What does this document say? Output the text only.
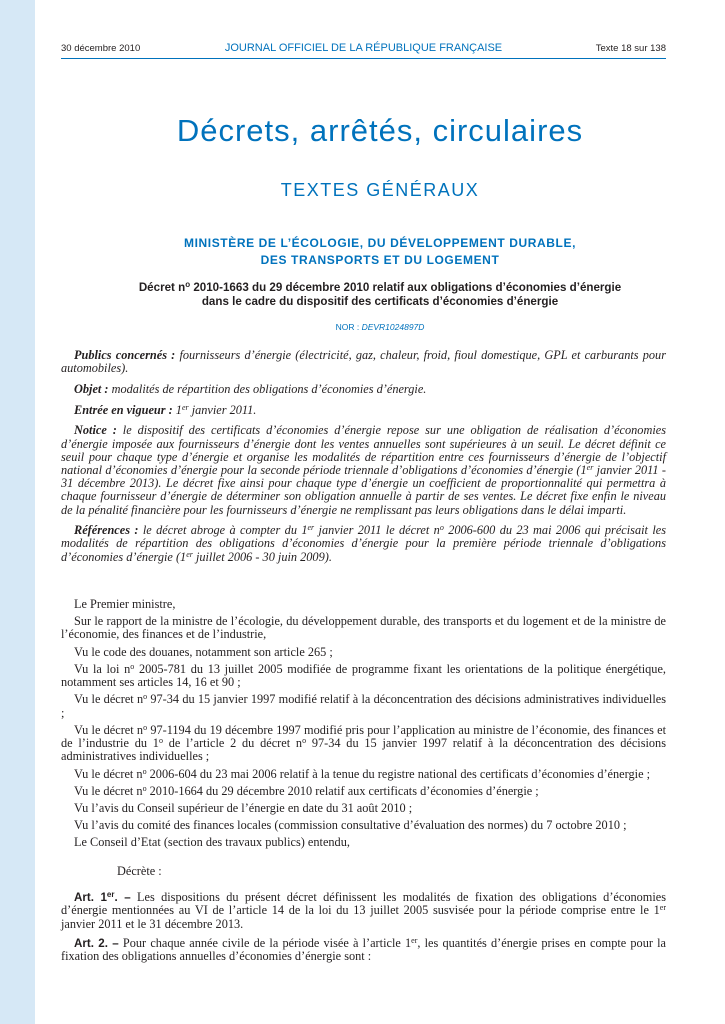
30 décembre 2010	JOURNAL OFFICIEL DE LA RÉPUBLIQUE FRANÇAISE	Texte 18 sur 138
Décrets, arrêtés, circulaires
TEXTES GÉNÉRAUX
MINISTÈRE DE L’ÉCOLOGIE, DU DÉVELOPPEMENT DURABLE,
DES TRANSPORTS ET DU LOGEMENT
Décret $n^o$ 2010-1663 du 29 décembre 2010 relatif aux obligations d’économies d’énergie
dans le cadre du dispositif des certificats d’économies d’énergie
NOR : DEVR1024897D

Publics concernés : fournisseurs d’énergie (électricité, gaz, chaleur, froid, fioul domestique, GPL et carburants pour automobiles).

Objet : modalités de répartition des obligations d’économies d’énergie.

Entrée en vigueur : 1er janvier 2011.

Notice : le dispositif des certificats d’économies d’énergie repose sur une obligation de réalisation d’économies d’énergie imposée aux fournisseurs d’énergie dont les ventes annuelles sont supérieures à un seuil. Le décret définit ce seuil pour chaque type d’énergie et organise les modalités de répartition entre ces fournisseurs d’énergie de l’objectif national d’économies d’énergie pour la seconde période triennale d’obligations d’économies d’énergie (1er janvier 2011 - 31 décembre 2013). Le décret fixe ainsi pour chaque type d’énergie un coefficient de proportionnalité qui permettra à chaque fournisseur d’énergie de déterminer son obligation annuelle à partir de ses ventes. Le décret fixe enfin le niveau de la pénalité financière pour les fournisseurs d’énergie ne remplissant pas leurs obligations dans le délai imparti.

Références : le décret abroge à compter du 1er janvier 2011 le décret $n^o$ 2006-600 du 23 mai 2006 qui précisait les modalités de répartition des obligations d’économies d’énergie pour la première période triennale d’obligations d’économies d’énergie (1er juillet 2006 - 30 juin 2009).

Le Premier ministre,

Sur le rapport de la ministre de l’écologie, du développement durable, des transports et du logement et de la ministre de l’économie, des finances et de l’industrie,

Vu le code des douanes, notamment son article 265 ;

Vu la loi $n^o$ 2005-781 du 13 juillet 2005 modifiée de programme fixant les orientations de la politique énergétique, notamment ses articles 14, 16 et 90 ;

Vu le décret $n^o$ 97-34 du 15 janvier 1997 modifié relatif à la déconcentration des décisions administratives individuelles ;

Vu le décret $n^o$ 97-1194 du 19 décembre 1997 modifié pris pour l’application au ministre de l’économie, des finances et de l’industrie du 1$^o$ de l’article 2 du décret $n^o$ 97-34 du 15 janvier 1997 relatif à la déconcentration des décisions administratives individuelles ;

Vu le décret $n^o$ 2006-604 du 23 mai 2006 relatif à la tenue du registre national des certificats d’économies d’énergie ;

Vu le décret $n^o$ 2010-1664 du 29 décembre 2010 relatif aux certificats d’économies d’énergie ;

Vu l’avis du Conseil supérieur de l’énergie en date du 31 août 2010 ;

Vu l’avis du comité des finances locales (commission consultative d’évaluation des normes) du 7 octobre 2010 ;

Le Conseil d’Etat (section des travaux publics) entendu,

Décrète :

Art. 1er. – Les dispositions du présent décret définissent les modalités de fixation des obligations d’économies d’énergie mentionnées au VI de l’article 14 de la loi du 13 juillet 2005 susvisée pour la période comprise entre le 1er janvier 2011 et le 31 décembre 2013.

Art. 2. – Pour chaque année civile de la période visée à l’article 1er, les quantités d’énergie prises en compte pour la fixation des obligations annuelles d’économies d’énergie sont :
